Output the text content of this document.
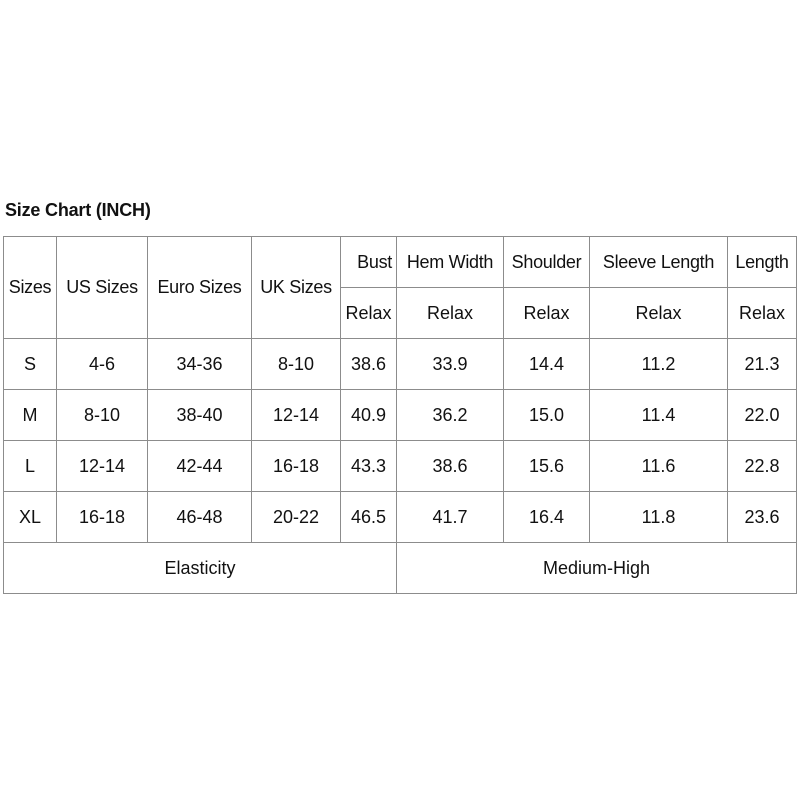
Size Chart (INCH)
Sizes	US Sizes	Euro Sizes	UK Sizes	Bust	Hem Width	Shoulder	Sleeve Length	Length
				Relax	Relax	Relax	Relax	Relax
S	4-6	34-36	8-10	38.6	33.9	14.4	11.2	21.3
M	8-10	38-40	12-14	40.9	36.2	15.0	11.4	22.0
L	12-14	42-44	16-18	43.3	38.6	15.6	11.6	22.8
XL	16-18	46-48	20-22	46.5	41.7	16.4	11.8	23.6
Elasticity					Medium-High			
